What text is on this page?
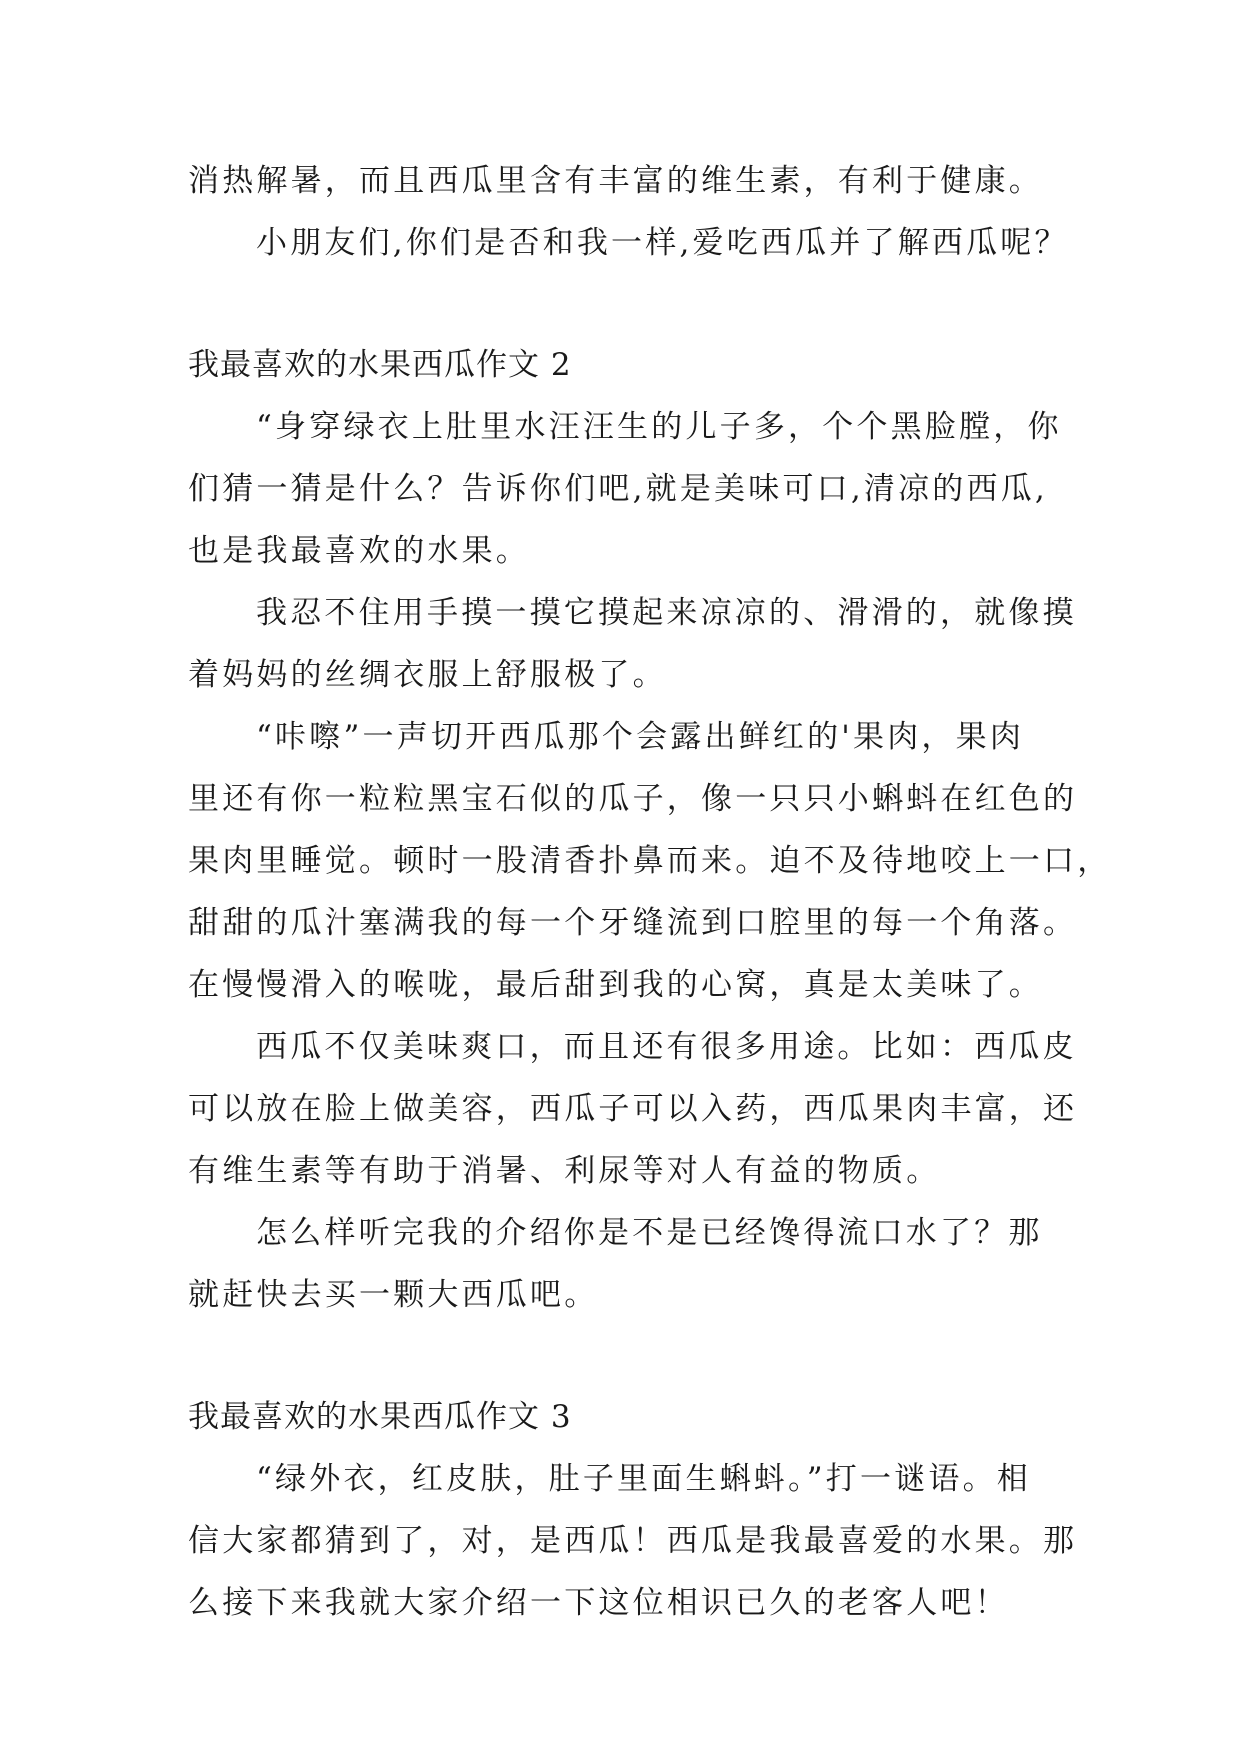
消热解暑，而且西瓜里含有丰富的维生素，有利于健康。

小朋友们,你们是否和我一样,爱吃西瓜并了解西瓜呢？

我最喜欢的水果西瓜作文 2

“身穿绿衣上肚里水汪汪生的儿子多，个个黑脸膛，你

们猜一猜是什么？告诉你们吧,就是美味可口,清凉的西瓜,

也是我最喜欢的水果。

我忍不住用手摸一摸它摸起来凉凉的、滑滑的，就像摸

着妈妈的丝绸衣服上舒服极了。

“咔嚓”一声切开西瓜那个会露出鲜红的'果肉，果肉

里还有你一粒粒黑宝石似的瓜子，像一只只小蝌蚪在红色的

果肉里睡觉。顿时一股清香扑鼻而来。迫不及待地咬上一口，

甜甜的瓜汁塞满我的每一个牙缝流到口腔里的每一个角落。

在慢慢滑入的喉咙，最后甜到我的心窝，真是太美味了。

西瓜不仅美味爽口，而且还有很多用途。比如：西瓜皮

可以放在脸上做美容，西瓜子可以入药，西瓜果肉丰富，还

有维生素等有助于消暑、利尿等对人有益的物质。

怎么样听完我的介绍你是不是已经馋得流口水了？那

就赶快去买一颗大西瓜吧。

我最喜欢的水果西瓜作文 3

“绿外衣，红皮肤，肚子里面生蝌蚪。”打一谜语。相

信大家都猜到了，对，是西瓜！西瓜是我最喜爱的水果。那

么接下来我就大家介绍一下这位相识已久的老客人吧！
